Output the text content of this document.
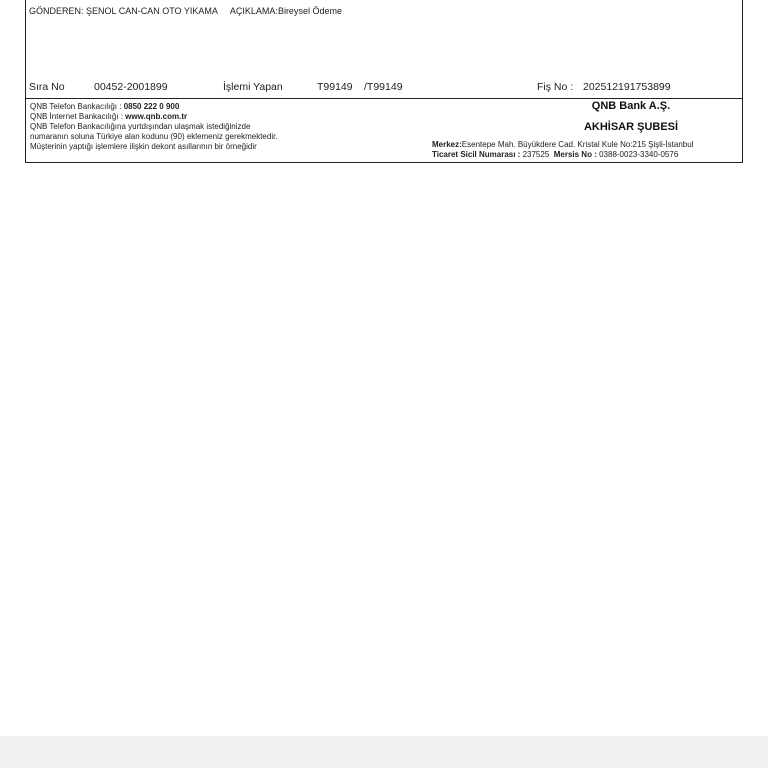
GÖNDEREN: ŞENOL CAN-CAN OTO YIKAMA AÇIKLAMA:Bireysel Ödeme
Sıra No	00452-2001899	İşlemi Yapan	T99149 /T99149	Fiş No : 202512191753899
QNB Telefon Bankacılığı : 0850 222 0 900
QNB İnternet Bankacılığı : www.qnb.com.tr
QNB Telefon Bankacılığına yurtdışından ulaşmak istediğinizde
numaranın soluna Türkiye alan kodunu (90) eklemeniz gerekmektedir.
Müşterinin yaptığı işlemlere ilişkin dekont asıllarının bir örneğidir
QNB Bank A.Ş.
AKHİSAR ŞUBESİ
Merkez:Esentepe Mah. Büyükdere Cad. Kristal Kule No:215 Şişli-İstanbul
Ticaret Sicil Numarası : 237525 Mersis No : 0388-0023-3340-0576
